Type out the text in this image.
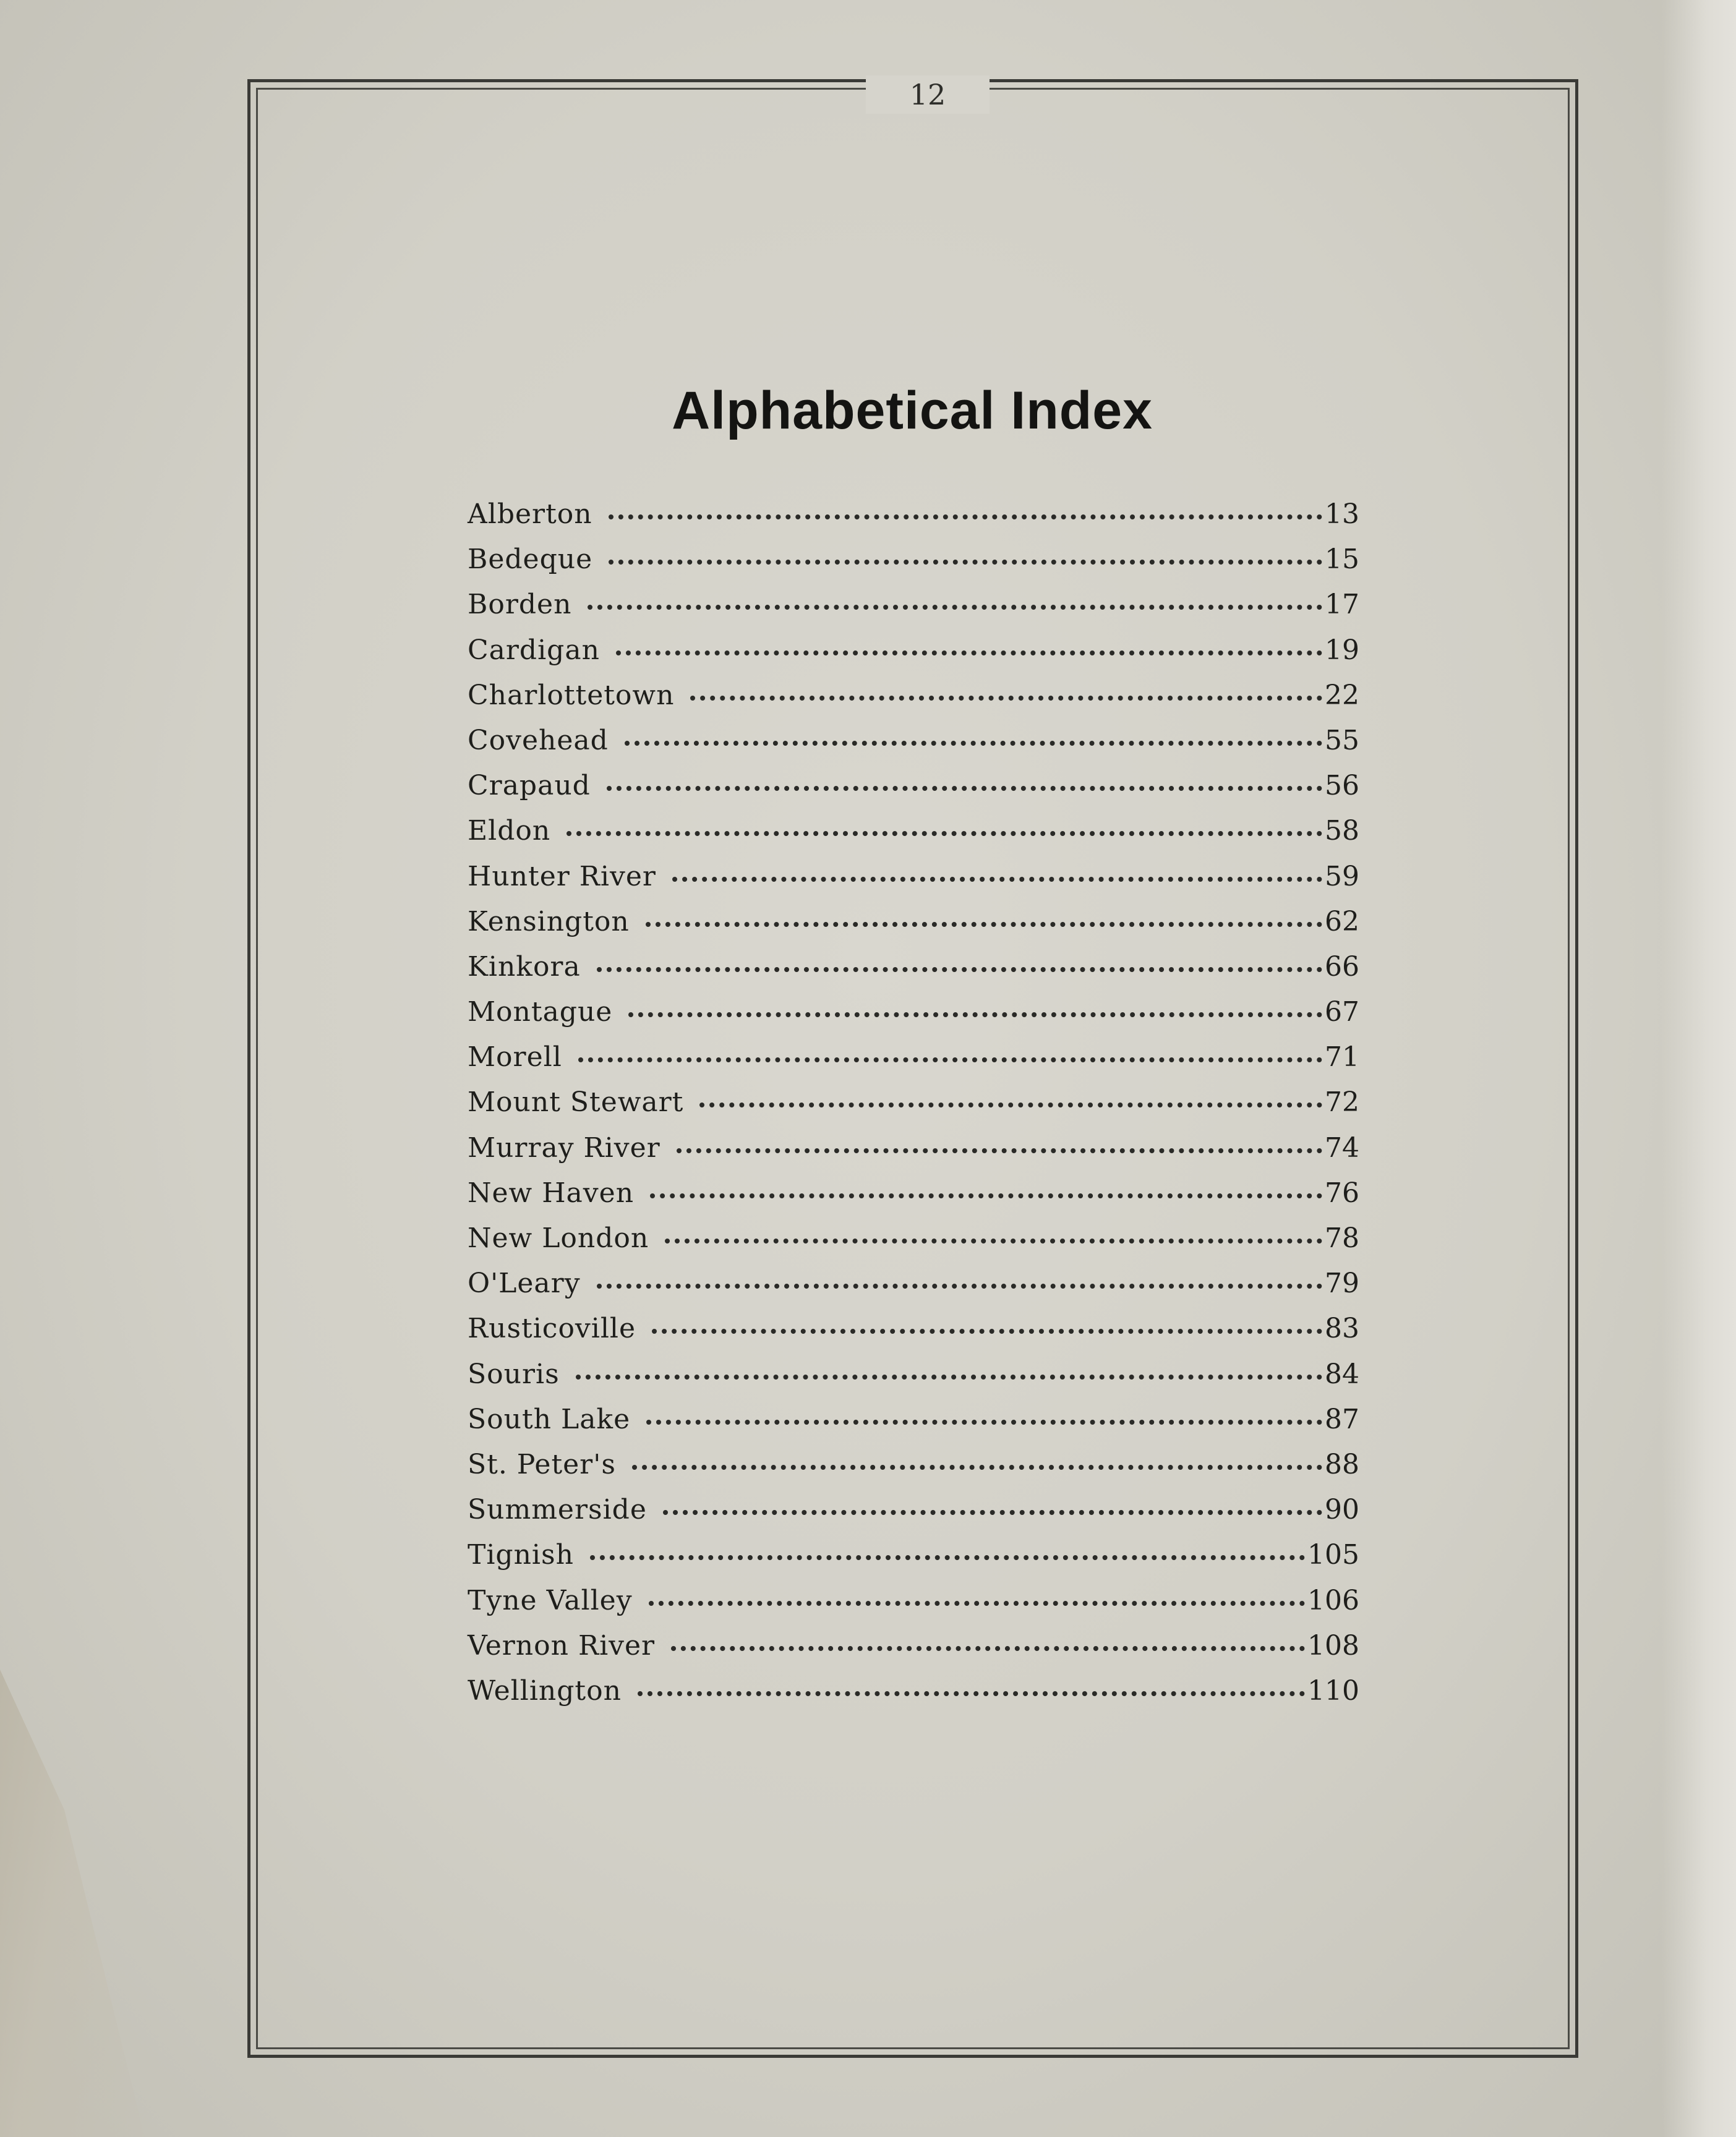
12
Alphabetical Index
Alberton	13
Bedeque	15
Borden	17
Cardigan	19
Charlottetown	22
Covehead	55
Crapaud	56
Eldon	58
Hunter River	59
Kensington	62
Kinkora	66
Montague	67
Morell	71
Mount Stewart	72
Murray River	74
New Haven	76
New London	78
O'Leary	79
Rusticoville	83
Souris	84
South Lake	87
St. Peter's	88
Summerside	90
Tignish	105
Tyne Valley	106
Vernon River	108
Wellington	110
